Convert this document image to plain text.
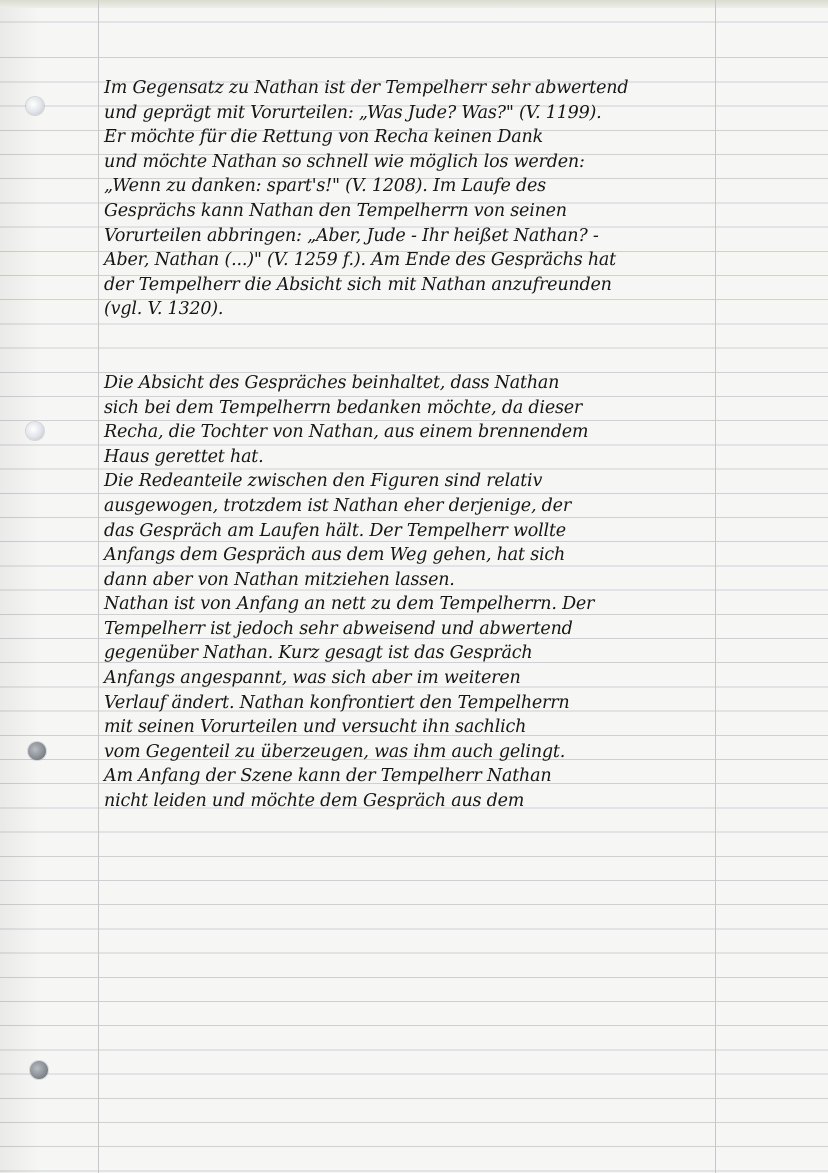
Im Gegensatz zu Nathan ist der Tempelherr sehr abwertend
und geprägt mit Vorurteilen: „Was Jude? Was?" (V. 1199).
Er möchte für die Rettung von Recha keinen Dank
und möchte Nathan so schnell wie möglich los werden:
„Wenn zu danken: spart's!" (V. 1208). Im Laufe des
Gesprächs kann Nathan den Tempelherrn von seinen
Vorurteilen abbringen: „Aber, Jude - Ihr heißet Nathan? -
Aber, Nathan (...)" (V. 1259 f.). Am Ende des Gesprächs hat
der Tempelherr die Absicht sich mit Nathan anzufreunden
(vgl. V. 1320).
Die Absicht des Gespräches beinhaltet, dass Nathan
sich bei dem Tempelherrn bedanken möchte, da dieser
Recha, die Tochter von Nathan, aus einem brennendem
Haus gerettet hat.
Die Redeanteile zwischen den Figuren sind relativ
ausgewogen, trotzdem ist Nathan eher derjenige, der
das Gespräch am Laufen hält. Der Tempelherr wollte
Anfangs dem Gespräch aus dem Weg gehen, hat sich
dann aber von Nathan mitziehen lassen.
Nathan ist von Anfang an nett zu dem Tempelherrn. Der
Tempelherr ist jedoch sehr abweisend und abwertend
gegenüber Nathan. Kurz gesagt ist das Gespräch
Anfangs angespannt, was sich aber im weiteren
Verlauf ändert. Nathan konfrontiert den Tempelherrn
mit seinen Vorurteilen und versucht ihn sachlich
vom Gegenteil zu überzeugen, was ihm auch gelingt.
Am Anfang der Szene kann der Tempelherr Nathan
nicht leiden und möchte dem Gespräch aus dem
